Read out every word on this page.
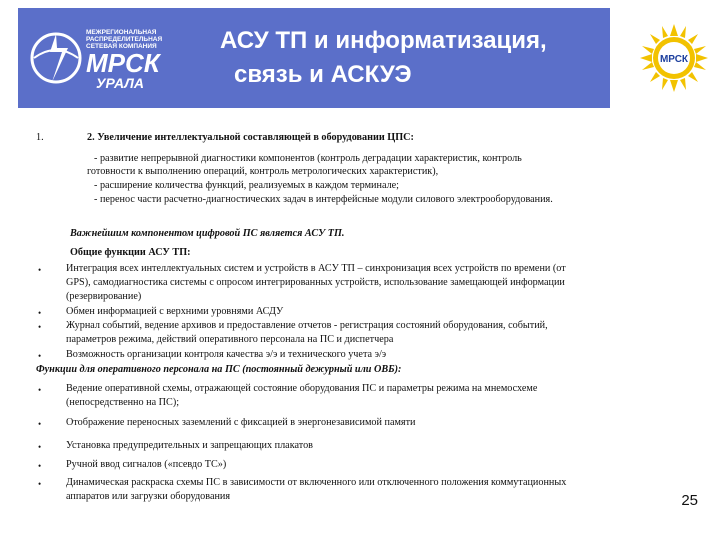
МЕЖРЕГИОНАЛЬНАЯ
РАСПРЕДЕЛИТЕЛЬНАЯ
СЕТЕВАЯ КОМПАНИЯ
МРСК
УРАЛА
АСУ ТП и информатизация,
связь и АСКУЭ
МРСК
1.	2. Увеличение интеллектуальной составляющей в оборудовании ЦПС:
- развитие непрерывной диагностики компонентов (контроль деградации характеристик, контроль
готовности к выполнению операций, контроль метрологических характеристик),
- расширение количества функций, реализуемых в каждом терминале;
- перенос части расчетно-диагностических задач в интерфейсные модули силового электрооборудования.
Важнейшим компонентом цифровой ПС является АСУ ТП.
Общие функции АСУ ТП:
• Интеграция всех интеллектуальных систем и устройств в АСУ ТП – синхронизация всех устройств по времени (от
GPS), самодиагностика системы с опросом интегрированных устройств, использование замещающей информации
(резервирование)
• Обмен информацией с верхними уровнями АСДУ
• Журнал событий, ведение архивов и предоставление отчетов - регистрация состояний оборудования, событий,
параметров режима, действий оперативного персонала на ПС и диспетчера
• Возможность организации контроля качества э/э и технического учета э/э
Функции для оперативного персонала на ПС (постоянный дежурный или ОВБ):
• Ведение оперативной схемы, отражающей состояние оборудования ПС и параметры режима на мнемосхеме
(непосредственно на ПС);
• Отображение переносных заземлений с фиксацией в энергонезависимой памяти
• Установка предупредительных и запрещающих плакатов
• Ручной ввод сигналов («псевдо ТС»)
• Динамическая раскраска схемы ПС в зависимости от включенного или отключенного положения коммутационных
аппаратов или загрузки оборудования	25
